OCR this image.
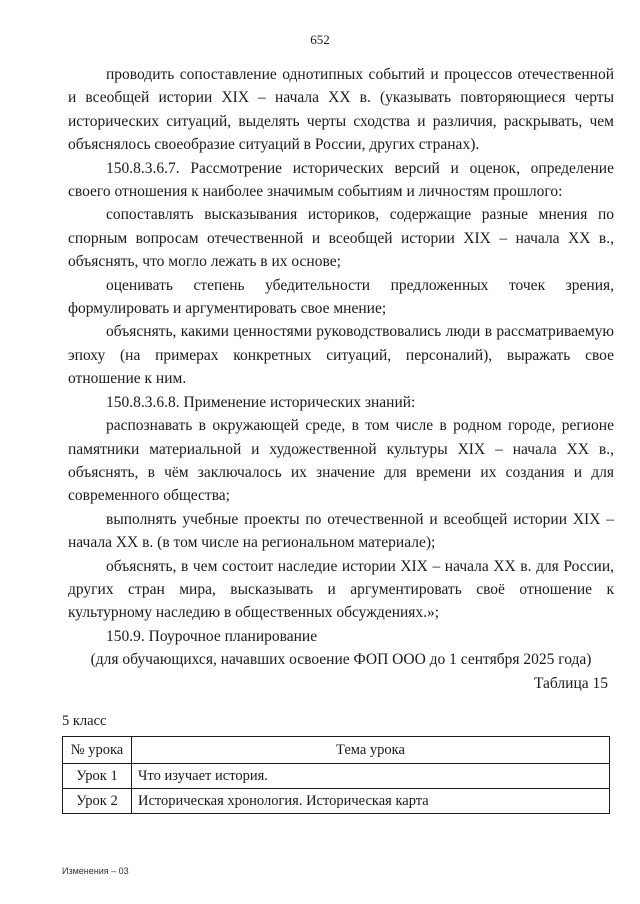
652

проводить сопоставление однотипных событий и процессов отечественной и всеобщей истории XIX – начала XX в. (указывать повторяющиеся черты исторических ситуаций, выделять черты сходства и различия, раскрывать, чем объяснялось своеобразие ситуаций в России, других странах).

150.8.3.6.7. Рассмотрение исторических версий и оценок, определение своего отношения к наиболее значимым событиям и личностям прошлого:

сопоставлять высказывания историков, содержащие разные мнения по спорным вопросам отечественной и всеобщей истории XIX – начала XX в., объяснять, что могло лежать в их основе;

оценивать степень убедительности предложенных точек зрения, формулировать и аргументировать свое мнение;

объяснять, какими ценностями руководствовались люди в рассматриваемую эпоху (на примерах конкретных ситуаций, персоналий), выражать свое отношение к ним.

150.8.3.6.8. Применение исторических знаний:

распознавать в окружающей среде, в том числе в родном городе, регионе памятники материальной и художественной культуры XIX – начала XX в., объяснять, в чём заключалось их значение для времени их создания и для современного общества;

выполнять учебные проекты по отечественной и всеобщей истории XIX – начала XX в. (в том числе на региональном материале);

объяснять, в чем состоит наследие истории XIX – начала XX в. для России, других стран мира, высказывать и аргументировать своё отношение к культурному наследию в общественных обсуждениях.»;

150.9. Поурочное планирование

(для обучающихся, начавших освоение ФОП ООО до 1 сентября 2025 года)

Таблица 15

5 класс
№ урока	Тема урока
Урок 1	Что изучает история.
Урок 2	Историческая хронология. Историческая карта
Изменения – 03
